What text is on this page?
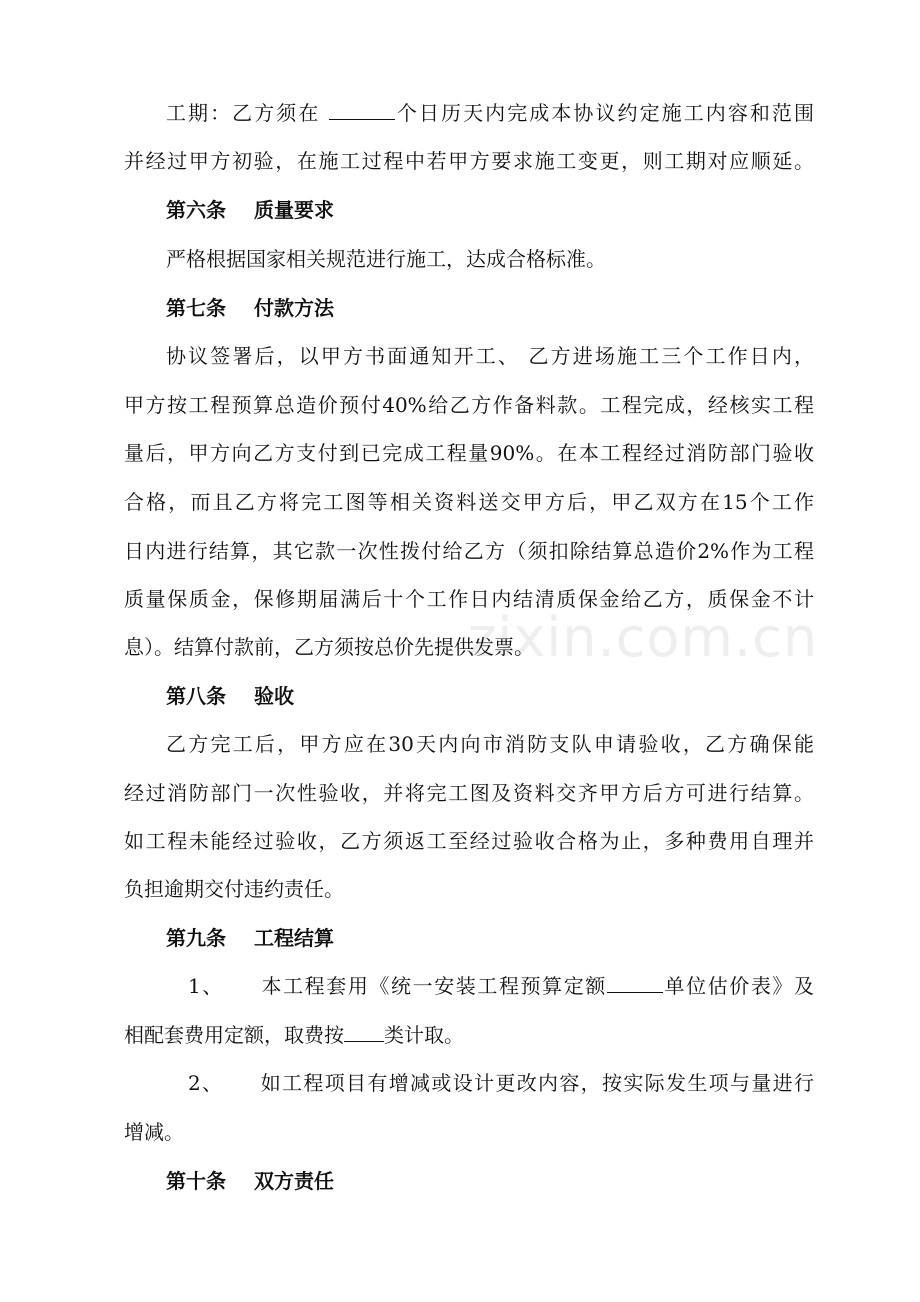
zixin.com.cn
工期：乙方须在	个日历天内完成本协议约定施工内容和范围
并经过甲方初验，在施工过程中若甲方要求施工变更，则工期对应顺延。
第六条 质量要求
严格根据国家相关规范进行施工，达成合格标准。
第七条 付款方法
协议签署后，以甲方书面通知开工、 乙方进场施工三个工作日内，
甲方按工程预算总造价预付40%给乙方作备料款。工程完成，经核实工程
量后，甲方向乙方支付到已完成工程量90%。在本工程经过消防部门验收
合格，而且乙方将完工图等相关资料送交甲方后，甲乙双方在15个工作
日内进行结算，其它款一次性拨付给乙方（须扣除结算总造价2%作为工程
质量保质金，保修期届满后十个工作日内结清质保金给乙方，质保金不计
息）。结算付款前，乙方须按总价先提供发票。
第八条 验收
乙方完工后，甲方应在30天内向市消防支队申请验收，乙方确保能
经过消防部门一次性验收，并将完工图及资料交齐甲方后方可进行结算。
如工程未能经过验收，乙方须返工至经过验收合格为止，多种费用自理并
负担逾期交付违约责任。
第九条 工程结算
1、 本工程套用《统一安装工程预算定额	单位估价表》及
相配套费用定额，取费按 类计取。
2、 如工程项目有增减或设计更改内容，按实际发生项与量进行
增减。
第十条 双方责任
